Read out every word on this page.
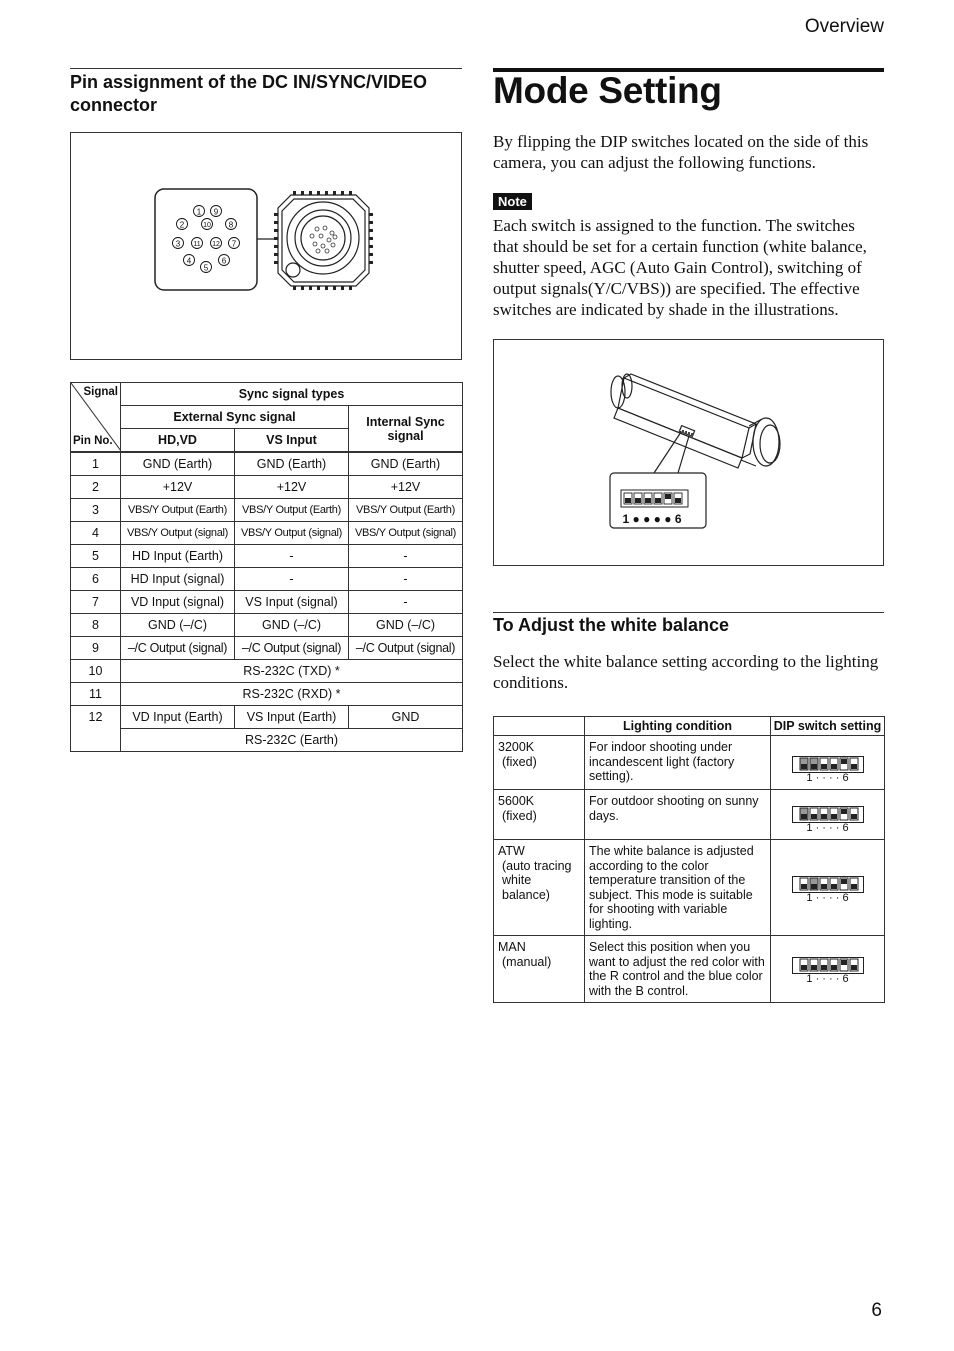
Overview
6
Pin assignment of the DC IN/SYNC/VIDEO connector
1 9
2	10 8
3 11 12 7
4	6
5
Signal
Pin No.	Sync signal types		
	External Sync signal		Internal Sync signal
	HD,VD	VS Input	
1	GND (Earth)	GND (Earth)	GND (Earth)
2	+12V	+12V	+12V
3	VBS/Y Output (Earth)	VBS/Y Output (Earth)	VBS/Y Output (Earth)
4	VBS/Y Output (signal)	VBS/Y Output (signal)	VBS/Y Output (signal)
5	HD Input (Earth)	-	-
6	HD Input (signal)	-	-
7	VD Input (signal)	VS Input (signal)	-
8	GND (–/C)	GND (–/C)	GND (–/C)
9	–/C Output (signal)	–/C Output (signal)	–/C Output (signal)
10	RS-232C (TXD) *		
11	RS-232C (RXD) *		
12	VD Input (Earth)	VS Input (Earth)	GND
	RS-232C (Earth)		
Mode Setting
By flipping the DIP switches located on the side of this camera, you can adjust the following functions.
Note
Each switch is assigned to the function. The switches that should be set for a certain function (white balance, shutter speed, AGC (Auto Gain Control), switching of output signals(Y/C/VBS)) are specified. The effective switches are indicated by shade in the illustrations.
1 ● ● ● ● 6
To Adjust the white balance
Select the white balance setting according to the lighting conditions.
	Lighting condition	DIP switch setting

3200K
(fixed)	For indoor shooting under incandescent light (factory setting).	1 · · · · 6

5600K
(fixed)	For outdoor shooting on sunny days.	1 · · · · 6

ATW
(auto tracing white balance)	The white balance is adjusted according to the color temperature transition of the subject. This mode is suitable for shooting with variable lighting.	1 · · · · 6

MAN
(manual)	Select this position when you want to adjust the red color with the R control and the blue color with the B control.	1 · · · · 6
